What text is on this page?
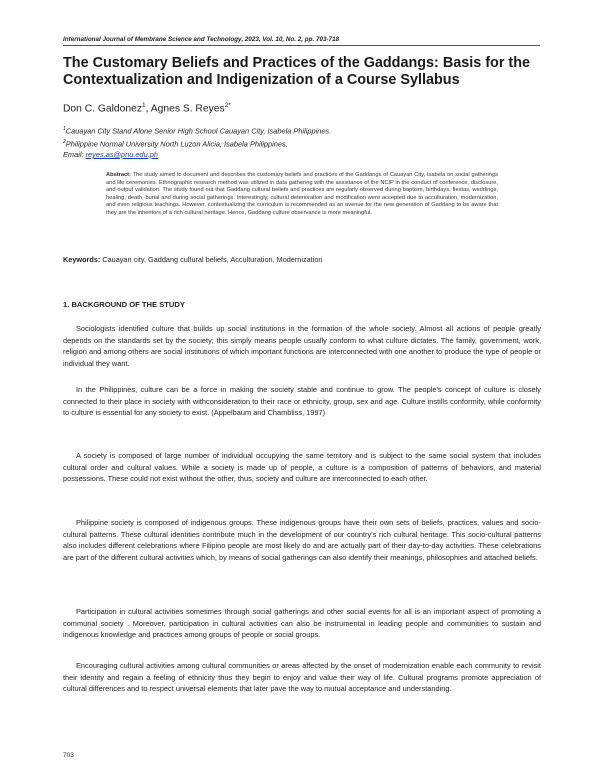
International Journal of Membrane Science and Technology, 2023, Vol. 10, No. 2, pp. 703-718
The Customary Beliefs and Practices of the Gaddangs: Basis for the Contextualization and Indigenization of a Course Syllabus
Don C. Galdonez$^1$, Agnes S. Reyes$^{2*}$
$^1$Cauayan City Stand Alone Senior High School Cauayan City, Isabela Philippines.
$^2$Philippine Normal University North Luzon Alicia, Isabela Philippines.
Email: reyes.as@pnu.edu.ph
Abstract: The study aimed to document and describes the customary beliefs and practices of the Gaddangs of Cauayan City, Isabela on social gatherings and life ceremonies. Ethnographic research method was utilized in data gathering with the assistance of the NCIP in the conduct of conference, disclosure, and output validation. The study found out that Gaddang cultural beliefs and practices are regularly observed during baptism, birthdays, fiestas, weddings, healing, death, burial and during social gatherings. Interestingly, cultural deterioration and modification were accepted due to acculturation, modernization, and even religious teachings. However, contextualizing the curriculum is recommended as an avenue for the new generation of Gaddang to be aware that they are the inheritors of a rich cultural heritage. Hence, Gaddang culture observance is more meaningful.
Keywords: Cauayan city, Gaddang cultural beliefs, Acculturation, Modernization
1. BACKGROUND OF THE STUDY

Sociologists identified culture that builds up social institutions in the formation of the whole society. Almost all actions of people greatly depends on the standards set by the society; this simply means people usually conform to what culture dictates. The family, government, work, religion and among others are social institutions of which important functions are interconnected with one another to produce the type of people or individual they want.

In the Philippines, culture can be a force in making the society stable and continue to grow. The people's concept of culture is closely connected to their place in society with withconsideration to their race or ethnicity, group, sex and age. Culture instills conformity, while conformity to culture is essential for any society to exist. (Appelbaum and Chambliss, 1997)

A society is composed of large number of individual occupying the same territory and is subject to the same social system that includes cultural order and cultural values. While a society is made up of people, a culture is a composition of patterns of behaviors, and material possessions. These could not exist without the other, thus, society and culture are interconnected to each other.

Philippine society is composed of indigenous groups. These indigenous groups have their own sets of beliefs, practices, values and socio-cultural patterns. These cultural identities contribute much in the development of our country's rich cultural heritage. This socio-cultural patterns also includes different celebrations where Filipino people are most likely do and are actually part of their day-to-day activities. These celebrations are part of the different cultural activities which, by means of social gatherings can also identify their meanings, philosophies and attached beliefs.

Participation in cultural activities sometimes through social gatherings and other social events for all is an important aspect of promoting a communal society . Moreover, participation in cultural activities can also be instrumental in leading people and communities to sustain and indigenous knowledge and practices among groups of people or social groups.

Encouraging cultural activities among cultural communities or areas affected by the onset of modernization enable each community to revisit their identity and regain a feeling of ethnicity thus they begin to enjoy and value their way of life. Cultural programs promote appreciation of cultural differences and to respect universal elements that later pave the way to mutual acceptance and understanding.

703
